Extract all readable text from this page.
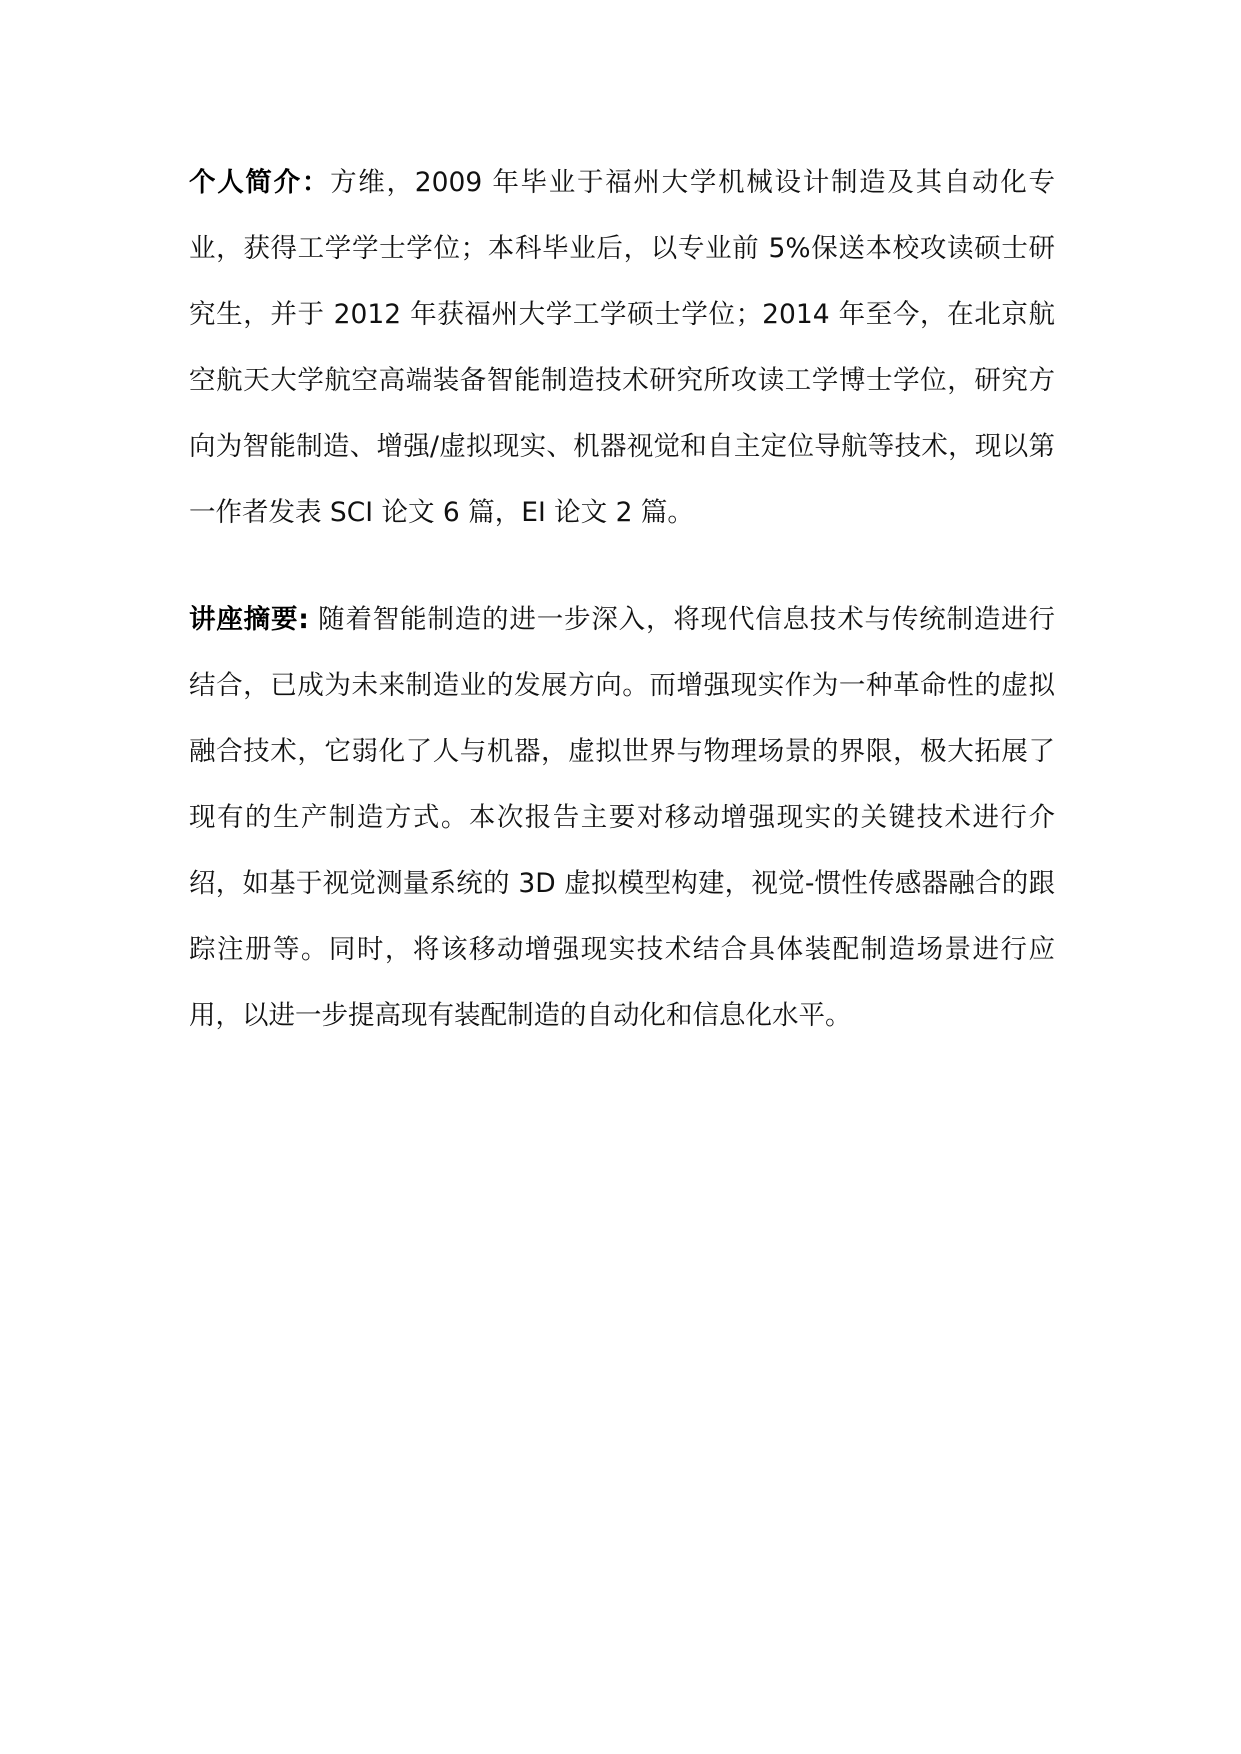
个人简介：方维，2009 年毕业于福州大学机械设计制造及其自动化专业，获得工学学士学位；本科毕业后，以专业前 5%保送本校攻读硕士研究生，并于 2012 年获福州大学工学硕士学位；2014 年至今，在北京航空航天大学航空高端装备智能制造技术研究所攻读工学博士学位，研究方向为智能制造、增强/虚拟现实、机器视觉和自主定位导航等技术，现以第一作者发表 SCI 论文 6 篇，EI 论文 2 篇。

讲座摘要: 随着智能制造的进一步深入，将现代信息技术与传统制造进行结合，已成为未来制造业的发展方向。而增强现实作为一种革命性的虚拟融合技术，它弱化了人与机器，虚拟世界与物理场景的界限，极大拓展了现有的生产制造方式。本次报告主要对移动增强现实的关键技术进行介绍，如基于视觉测量系统的 3D 虚拟模型构建，视觉-惯性传感器融合的跟踪注册等。同时，将该移动增强现实技术结合具体装配制造场景进行应用，以进一步提高现有装配制造的自动化和信息化水平。
